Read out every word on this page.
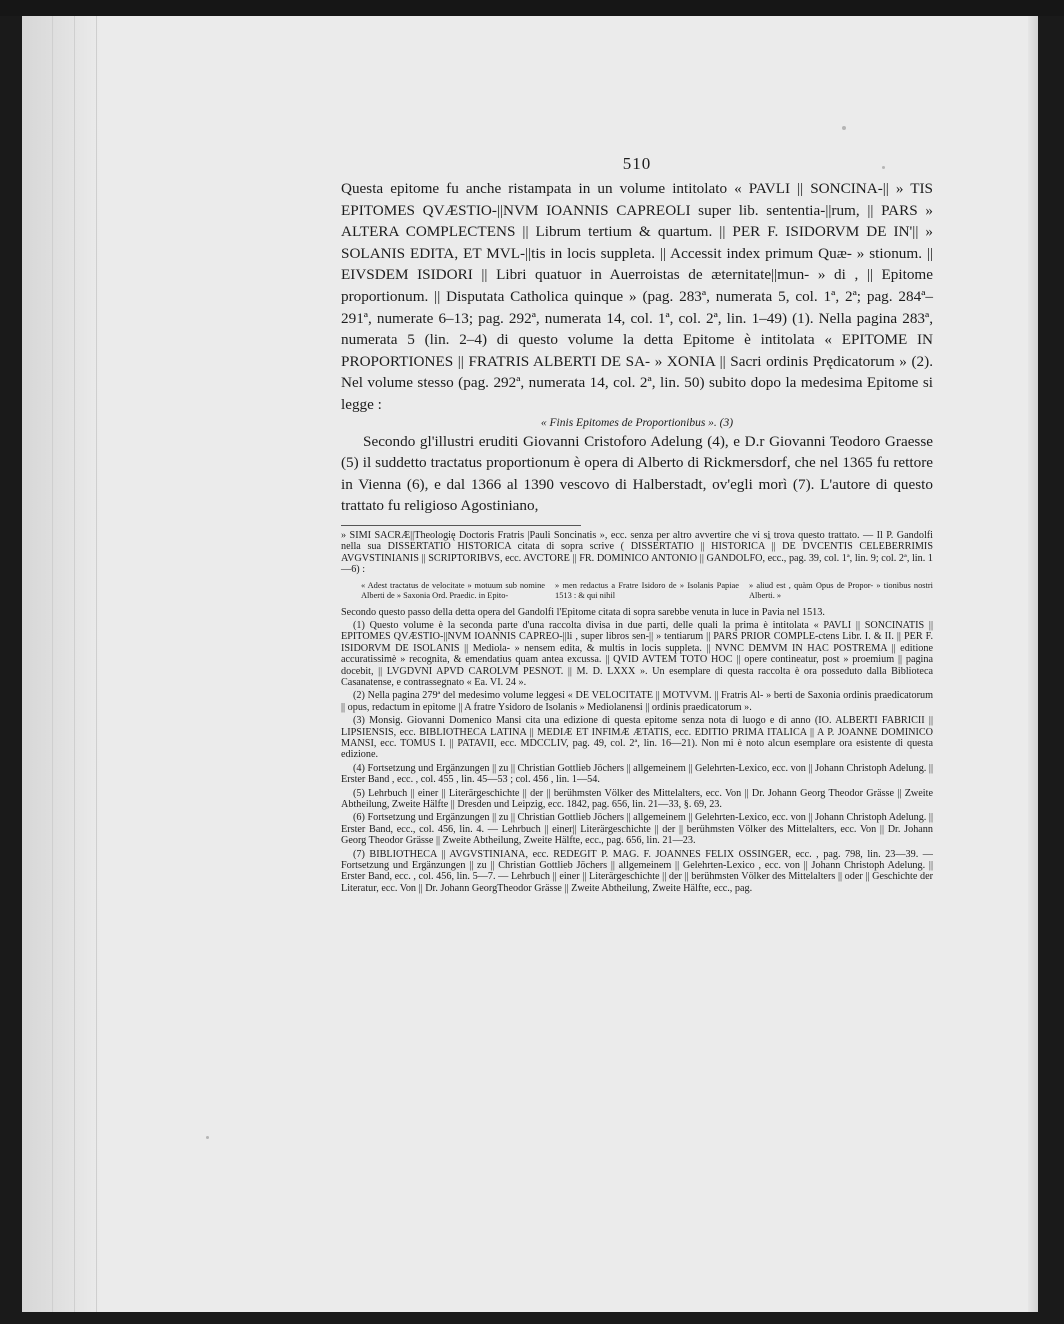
510

Questa epitome fu anche ristampata in un volume intitolato « PAVLI || SONCINA-|| » TIS EPITOMES QVÆSTIO-||NVM IOANNIS CAPREOLI super lib. sententia-||rum, || PARS » ALTERA COMPLECTENS || Librum tertium & quartum. || PER F. ISIDORVM DE IN'|| » SOLANIS EDITA, ET MVL-||tis in locis suppleta. || Accessit index primum Quæ- » stionum. || EIVSDEM ISIDORI || Libri quatuor in Auerroistas de æternitate||mun- » di , || Epitome proportionum. || Disputata Catholica quinque » (pag. 283ª, numerata 5, col. 1ª, 2ª; pag. 284ª–291ª, numerate 6–13; pag. 292ª, numerata 14, col. 1ª, col. 2ª, lin. 1–49) (1). Nella pagina 283ª, numerata 5 (lin. 2–4) di questo volume la detta Epitome è intitolata « EPITOME IN PROPORTIONES || FRATRIS ALBERTI DE SA- » XONIA || Sacri ordinis Prędicatorum » (2). Nel volume stesso (pag. 292ª, numerata 14, col. 2ª, lin. 50) subito dopo la medesima Epitome si legge :

« Finis Epitomes de Proportionibus ». (3)

Secondo gl'illustri eruditi Giovanni Cristoforo Adelung (4), e D.r Giovanni Teodoro Graesse (5) il suddetto tractatus proportionum è opera di Alberto di Rickmersdorf, che nel 1365 fu rettore in Vienna (6), e dal 1366 al 1390 vescovo di Halberstadt, ov'egli morì (7). L'autore di questo trattato fu religioso Agostiniano,

» SIMI SACRÆ||Theologię Doctoris Fratris |Pauli Soncinatis », ecc. senza per altro avvertire che vi si̱ trova questo trattato. — Il P. Gandolfi nella sua DISSERTATIO HISTORICA citata di sopra scrive ( DISSERTATIO || HISTORICA || DE DVCENTIS CELEBERRIMIS AVGVSTINIANIS || SCRIPTORIBVS, ecc. AVCTORE || FR. DOMINICO ANTONIO || GANDOLFO, ecc., pag. 39, col. 1ª, lin. 9; col. 2ª, lin. 1—6) :

« Adest tractatus de velocitate » motuum sub nomine Alberti de » Saxonia Ord. Praedic. in Epito-
» men redactus a Fratre Isidoro de » Isolanis Papiae 1513 : & qui nihil
» aliud est , quàm Opus de Propor- » tionibus nostri Alberti. »

Secondo questo passo della detta opera del Gandolfi l'Epitome citata di sopra sarebbe venuta in luce in Pavia nel 1513.

(1) Questo volume è la seconda parte d'una raccolta divisa in due parti, delle quali la prima è intitolata « PAVLI || SONCINATIS || EPITOMES QVÆSTIO-||NVM IOANNIS CAPREO-||li , super libros sen-|| » tentiarum || PARS PRIOR COMPLE-ctens Libr. I. & II. || PER F. ISIDORVM DE ISOLANIS || Mediola- » nensem edita, & multis in locis suppleta. || NVNC DEMVM IN HAC POSTREMA || editione accuratissimè » recognita, & emendatius quam antea excussa. || QVID AVTEM TOTO HOC || opere contineatur, post » proemium || pagina docebit, || LVGDVNI APVD CAROLVM PESNOT. || M. D. LXXX ». Un esemplare di questa raccolta è ora posseduto dalla Biblioteca Casanatense, e contrassegnato « Ea. VI. 24 ».

(2) Nella pagina 279ª del medesimo volume leggesi « DE VELOCITATE || MOTVVM. || Fratris Al- » berti de Saxonia ordinis praedicatorum || opus, redactum in epitome || A fratre Ysidoro de Isolanis » Mediolanensi || ordinis praedicatorum ».

(3) Monsig. Giovanni Domenico Mansi cita una edizione di questa epitome senza nota di luogo e di anno (IO. ALBERTI FABRICII || LIPSIENSIS, ecc. BIBLIOTHECA LATINA || MEDIÆ ET INFIMÆ ÆTATIS, ecc. EDITIO PRIMA ITALICA || A P. JOANNE DOMINICO MANSI, ecc. TOMUS I. || PATAVII, ecc. MDCCLIV, pag. 49, col. 2ª, lin. 16—21). Non mi è noto alcun esemplare ora esistente di questa edizione.

(4) Fortsetzung und Ergänzungen || zu || Christian Gottlieb Jöchers || allgemeinem || Gelehrten-Lexico, ecc. von || Johann Christoph Adelung. || Erster Band , ecc. , col. 455 , lin. 45—53 ; col. 456 , lin. 1—54.

(5) Lehrbuch || einer || Literärgeschichte || der || berühmsten Völker des Mittelalters, ecc. Von || Dr. Johann Georg Theodor Grässe || Zweite Abtheilung, Zweite Hälfte || Dresden und Leipzig, ecc. 1842, pag. 656, lin. 21—33, §. 69, 23.

(6) Fortsetzung und Ergänzungen || zu || Christian Gottlieb Jöchers || allgemeinem || Gelehrten-Lexico, ecc. von || Johann Christoph Adelung. || Erster Band, ecc., col. 456, lin. 4. — Lehrbuch || einer|| Literärgeschichte || der || berühmsten Völker des Mittelalters, ecc. Von || Dr. Johann Georg Theodor Grässe || Zweite Abtheilung, Zweite Hälfte, ecc., pag. 656, lin. 21—23.

(7) BIBLIOTHECA || AVGVSTINIANA, ecc. REDEGIT P. MAG. F. JOANNES FELIX OSSINGER, ecc. , pag. 798, lin. 23—39. — Fortsetzung und Ergänzungen || zu || Christian Gottlieb Jöchers || allgemeinem || Gelehrten-Lexico , ecc. von || Johann Christoph Adelung. || Erster Band, ecc. , col. 456, lin. 5—7. — Lehrbuch || einer || Literärgeschichte || der || berühmsten Völker des Mittelalters || oder || Geschichte der Literatur, ecc. Von || Dr. Johann GeorgTheodor Grässe || Zweite Abtheilung, Zweite Hälfte, ecc., pag.
